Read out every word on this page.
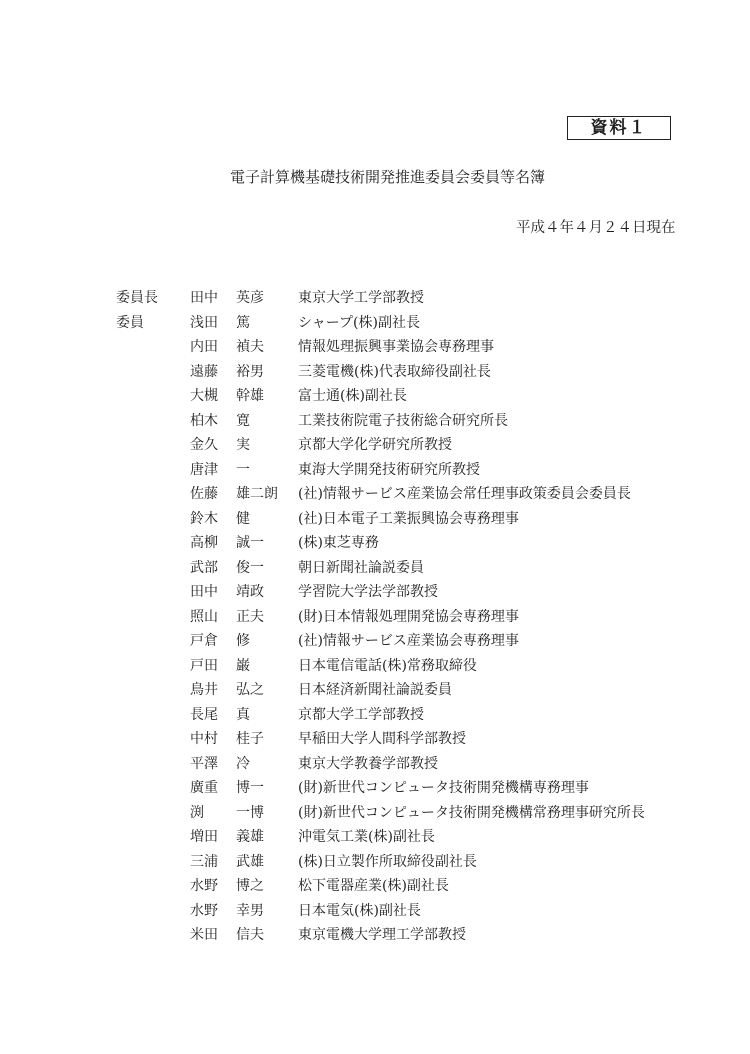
資料１
電子計算機基礎技術開発推進委員会委員等名簿
平成４年４月２４日現在
委員長	田中	英彦	東京大学工学部教授
委員	浅田	篤	シャープ(株)副社長
内田	禎夫	情報処理振興事業協会専務理事
遠藤	裕男	三菱電機(株)代表取締役副社長
大槻	幹雄	富士通(株)副社長
柏木	寛	工業技術院電子技術総合研究所長
金久	実	京都大学化学研究所教授
唐津	一	東海大学開発技術研究所教授
佐藤	雄二朗	(社)情報サービス産業協会常任理事政策委員会委員長
鈴木	健	(社)日本電子工業振興協会専務理事
高柳	誠一	(株)東芝専務
武部	俊一	朝日新聞社論説委員
田中	靖政	学習院大学法学部教授
照山	正夫	(財)日本情報処理開発協会専務理事
戸倉	修	(社)情報サービス産業協会専務理事
戸田	巌	日本電信電話(株)常務取締役
鳥井	弘之	日本経済新聞社論説委員
長尾	真	京都大学工学部教授
中村	桂子	早稲田大学人間科学部教授
平澤	冷	東京大学教養学部教授
廣重	博一	(財)新世代コンピュータ技術開発機構専務理事
渕	一博	(財)新世代コンピュータ技術開発機構常務理事研究所長
増田	義雄	沖電気工業(株)副社長
三浦	武雄	(株)日立製作所取締役副社長
水野	博之	松下電器産業(株)副社長
水野	幸男	日本電気(株)副社長
米田	信夫	東京電機大学理工学部教授
